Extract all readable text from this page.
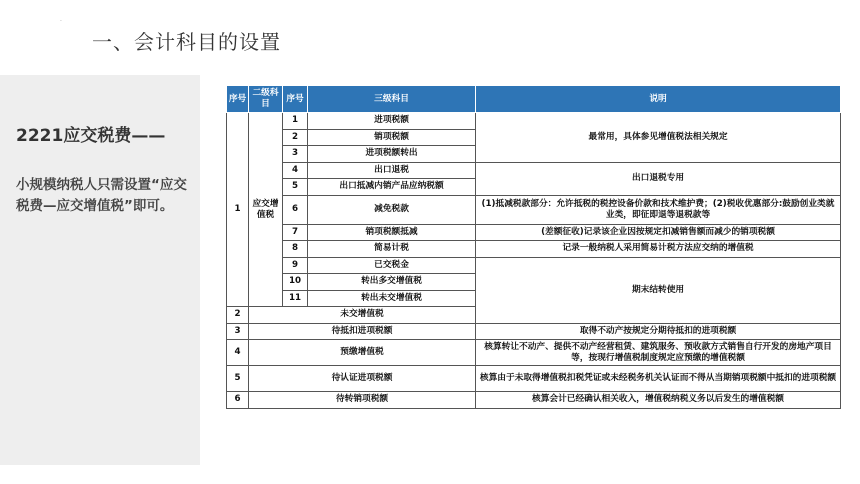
·
一、会计科目的设置
2221应交税费——
小规模纳税人只需设置“应交税费—应交增值税”即可。
序号	二级科目	序号	三级科目	说明
1	应交增值税	1	进项税额	最常用，具体参见增值税法相关规定
		2	销项税额	
		3	进项税额转出	
		4	出口退税	出口退税专用
		5	出口抵减内销产品应纳税额	
		6	减免税款	(1)抵减税款部分：允许抵税的税控设备价款和技术维护费；(2)税收优惠部分:鼓励创业类就业类，即征即退等退税款等
		7	销项税额抵减	(差额征收)记录该企业因按规定扣减销售额而减少的销项税额
		8	简易计税	记录一般纳税人采用简易计税方法应交纳的增值税
		9	已交税金	期末结转使用
		10	转出多交增值税	
		11	转出未交增值税	
2	未交增值税			
3	待抵扣进项税额			取得不动产按规定分期待抵扣的进项税额
4	预缴增值税			核算转让不动产、提供不动产经营租赁、建筑服务、预收款方式销售自行开发的房地产项目等，按现行增值税制度规定应预缴的增值税额
5	待认证进项税额			核算由于未取得增值税扣税凭证或未经税务机关认证而不得从当期销项税额中抵扣的进项税额
6	待转销项税额			核算会计已经确认相关收入，增值税纳税义务以后发生的增值税额
